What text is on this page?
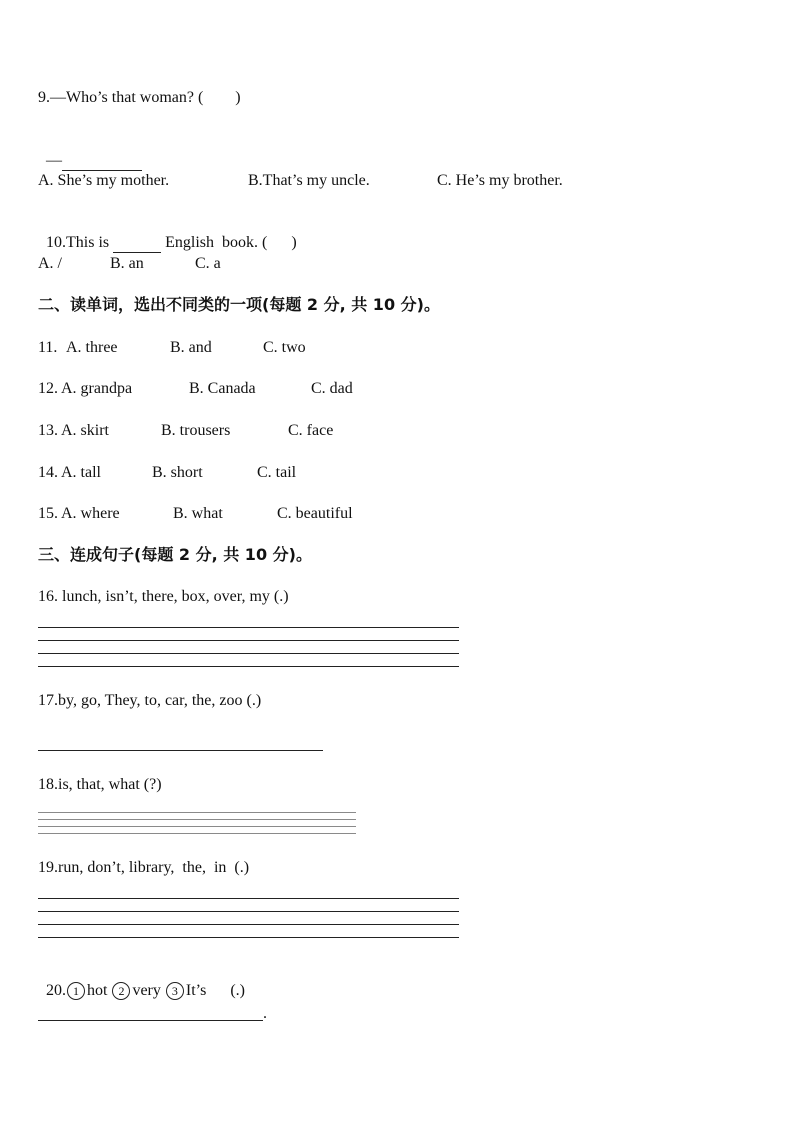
9.—Who’s that woman? (        )

—

A. She’s my mother.	B.That’s my uncle.	C. He’s my brother.

10.This is	English  book. (      )

A. /	B. an	C. a
二、读单词，选出不同类的一项(每题 2 分, 共 10 分)。
11. A. three	B. and	C. two
12. A. grandpa	B. Canada	C. dad
13. A. skirt	B. trousers	C. face
14. A. tall	B. short	C. tail
15. A. where	B. what	C. beautiful
三、连成句子(每题 2 分, 共 10 分)。
16. lunch, isn’t, there, box, over, my (.)
17.by, go, They, to, car, the, zoo (.)
18.is, that, what (?)
19.run, don’t, library,  the,  in  (.)

20. 1 hot 2 very 3 It’s      (.)

.
